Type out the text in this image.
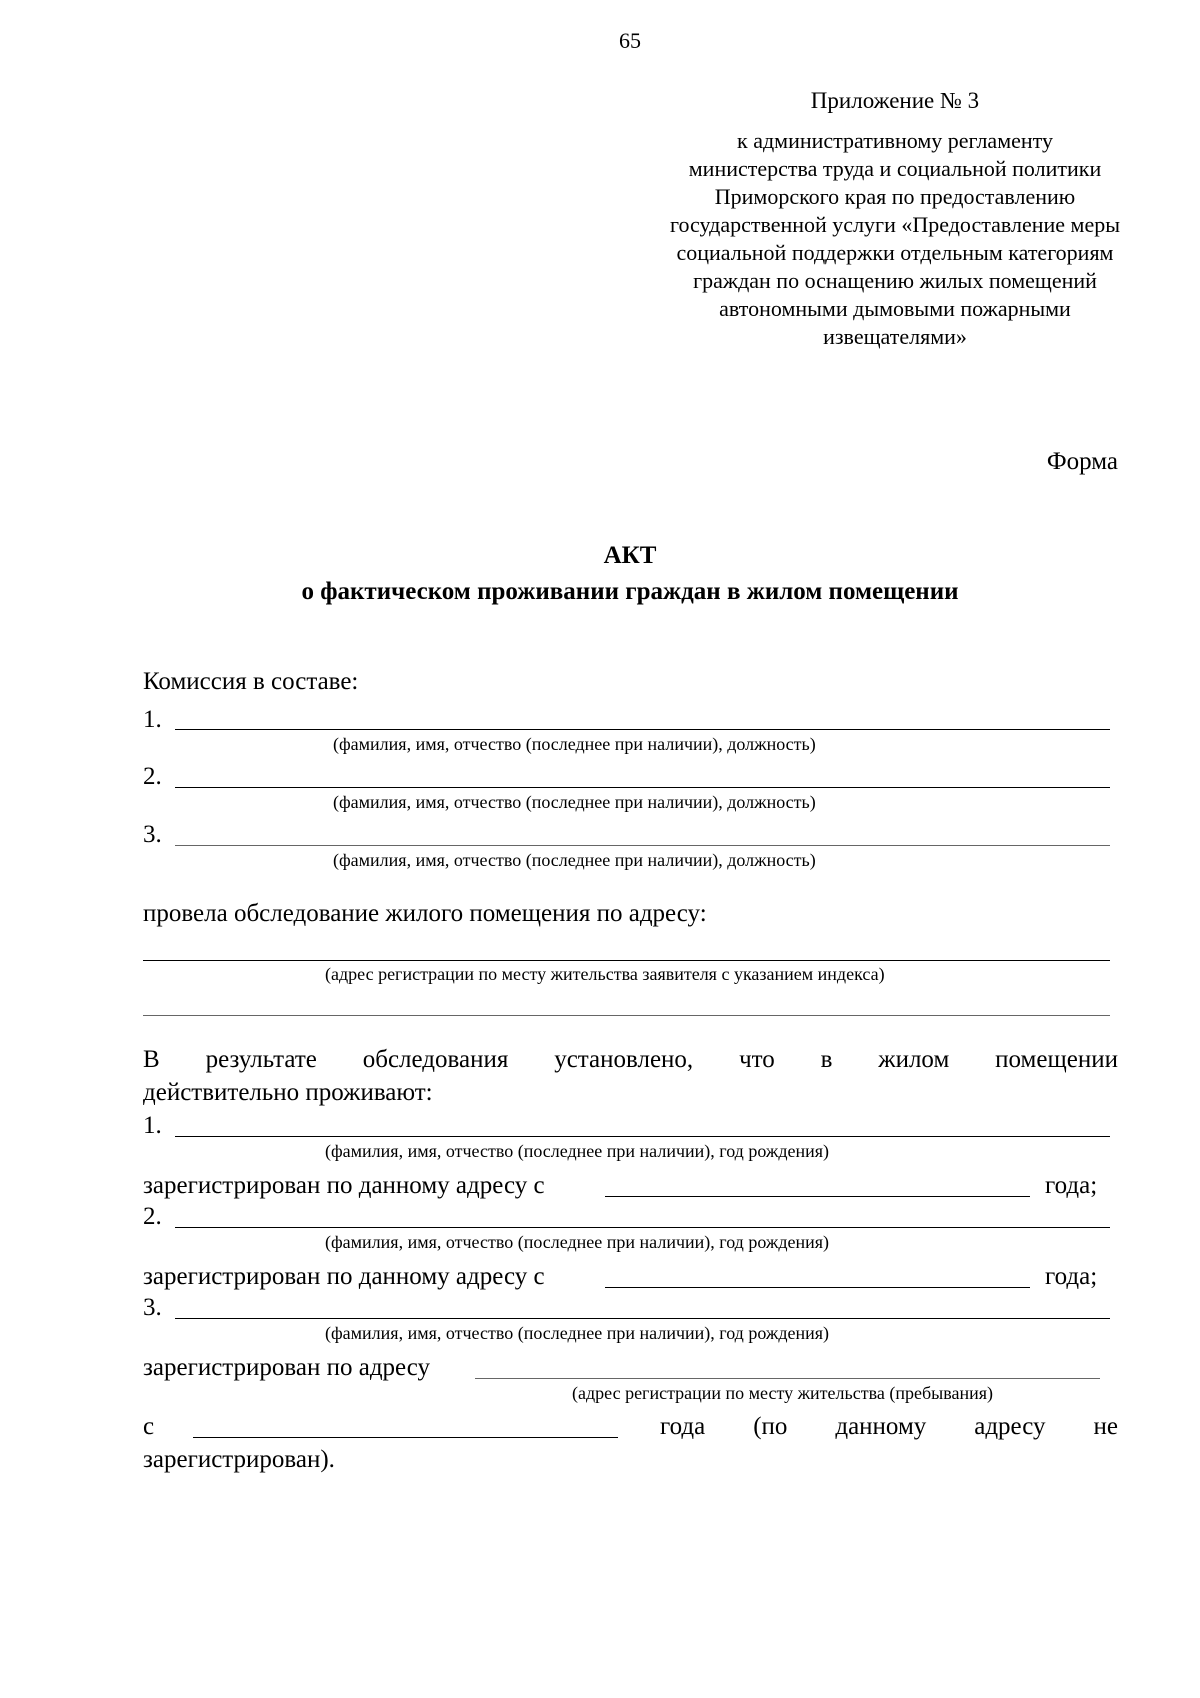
65
Приложение № 3
к административному регламенту
министерства труда и социальной политики
Приморского края по предоставлению
государственной услуги «Предоставление меры
социальной поддержки отдельным категориям
граждан по оснащению жилых помещений
автономными дымовыми пожарными
извещателями»
Форма
АКТ
о фактическом проживании граждан в жилом помещении
Комиссия в составе:
1.
(фамилия, имя, отчество (последнее при наличии), должность)
2.
(фамилия, имя, отчество (последнее при наличии), должность)
3.
(фамилия, имя, отчество (последнее при наличии), должность)
провела обследование жилого помещения по адресу:
(адрес регистрации по месту жительства заявителя с указанием индекса)
В результате обследования установлено, что в жилом помещении
действительно проживают:
1.
(фамилия, имя, отчество (последнее при наличии), год рождения)
зарегистрирован по данному адресу с	года;
2.
(фамилия, имя, отчество (последнее при наличии), год рождения)
зарегистрирован по данному адресу с	года;
3.
(фамилия, имя, отчество (последнее при наличии), год рождения)
зарегистрирован по адресу
(адрес регистрации по месту жительства (пребывания)
с	года (по данному адресу не
зарегистрирован).
